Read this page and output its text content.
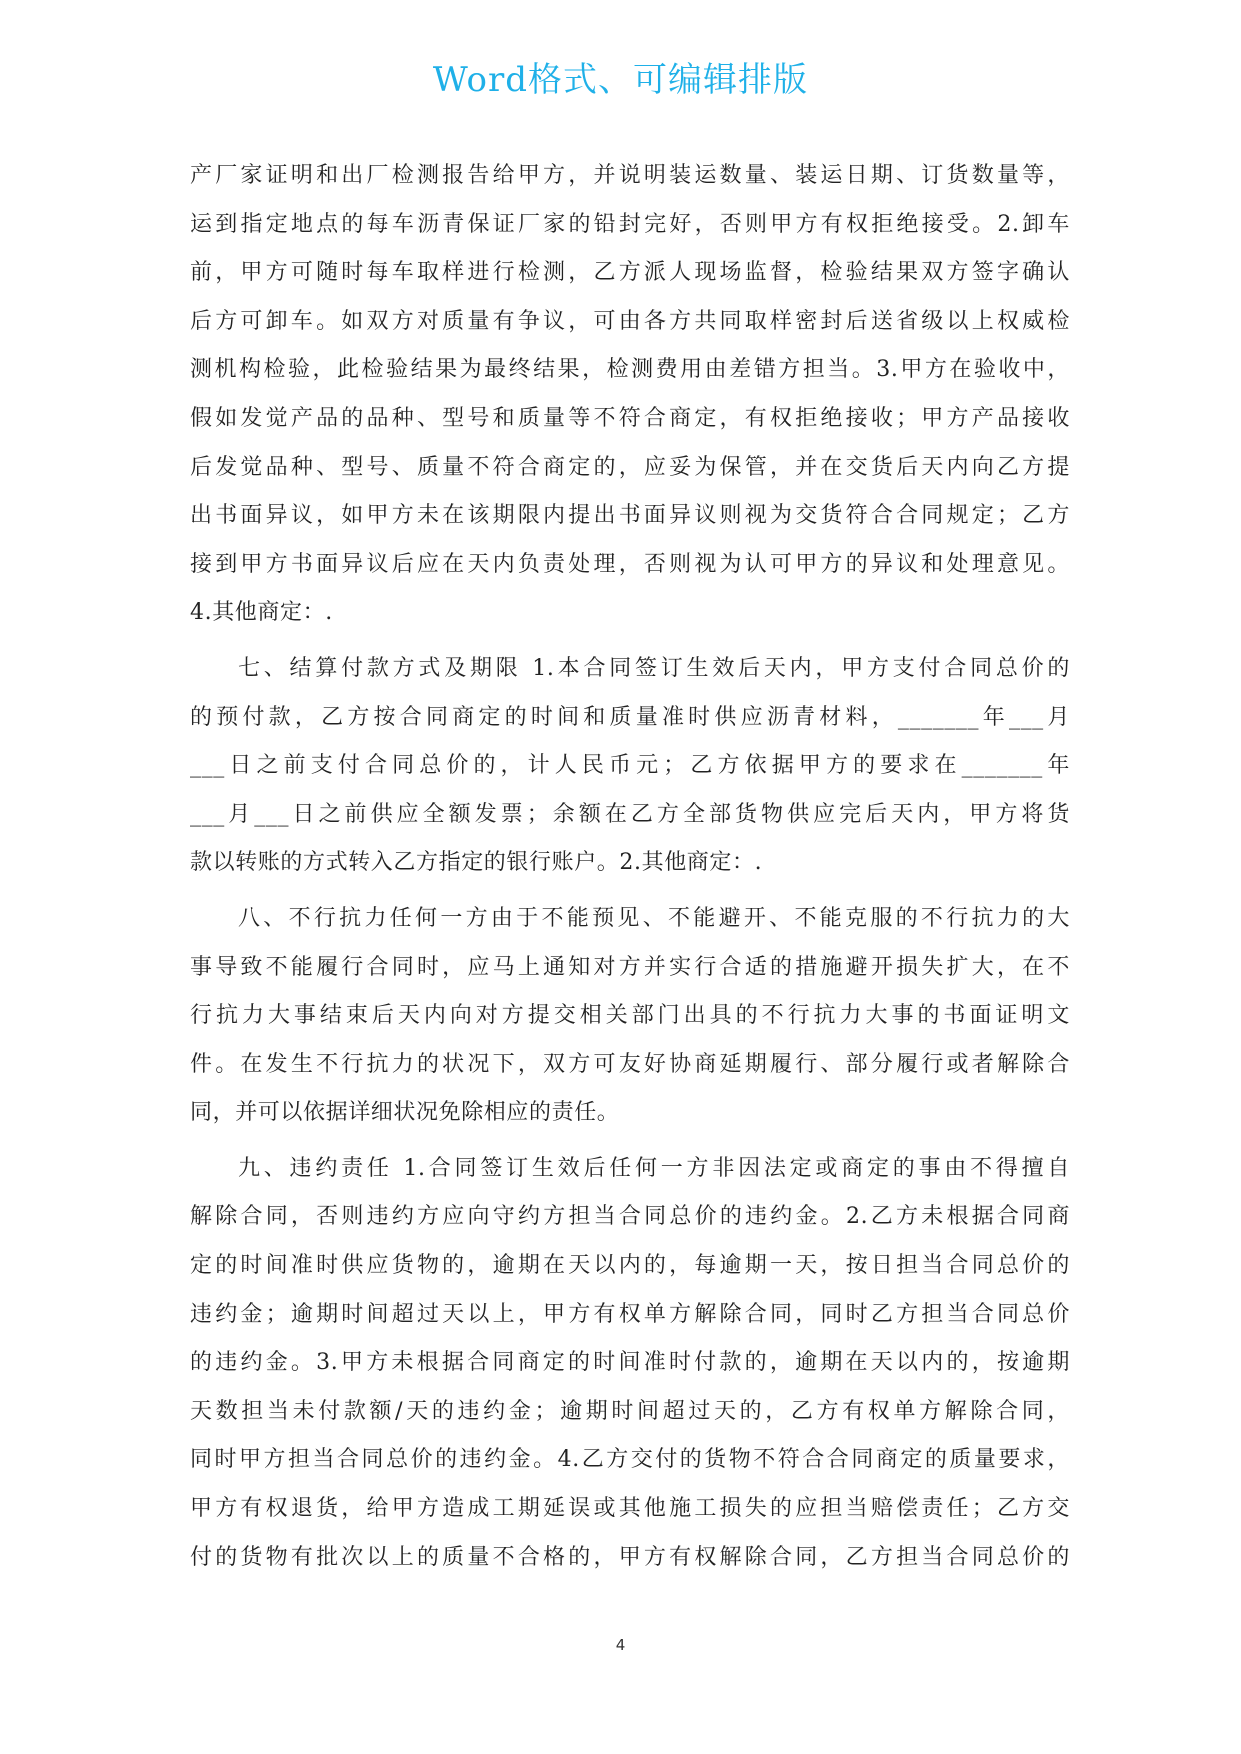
Word格式、可编辑排版
产厂家证明和出厂检测报告给甲方，并说明装运数量、装运日期、订货数量等，
运到指定地点的每车沥青保证厂家的铅封完好，否则甲方有权拒绝接受。2.卸车
前，甲方可随时每车取样进行检测，乙方派人现场监督，检验结果双方签字确认
后方可卸车。如双方对质量有争议，可由各方共同取样密封后送省级以上权威检
测机构检验，此检验结果为最终结果，检测费用由差错方担当。3.甲方在验收中，
假如发觉产品的品种、型号和质量等不符合商定，有权拒绝接收；甲方产品接收
后发觉品种、型号、质量不符合商定的，应妥为保管，并在交货后天内向乙方提
出书面异议，如甲方未在该期限内提出书面异议则视为交货符合合同规定；乙方
接到甲方书面异议后应在天内负责处理，否则视为认可甲方的异议和处理意见。
4.其他商定：.
七、结算付款方式及期限 1.本合同签订生效后天内，甲方支付合同总价的
的预付款，乙方按合同商定的时间和质量准时供应沥青材料，_______年___月
___日之前支付合同总价的，计人民币元；乙方依据甲方的要求在_______年
___月___日之前供应全额发票；余额在乙方全部货物供应完后天内，甲方将货
款以转账的方式转入乙方指定的银行账户。2.其他商定：.
八、不行抗力任何一方由于不能预见、不能避开、不能克服的不行抗力的大
事导致不能履行合同时，应马上通知对方并实行合适的措施避开损失扩大，在不
行抗力大事结束后天内向对方提交相关部门出具的不行抗力大事的书面证明文
件。在发生不行抗力的状况下，双方可友好协商延期履行、部分履行或者解除合
同，并可以依据详细状况免除相应的责任。
九、违约责任 1.合同签订生效后任何一方非因法定或商定的事由不得擅自
解除合同，否则违约方应向守约方担当合同总价的违约金。2.乙方未根据合同商
定的时间准时供应货物的，逾期在天以内的，每逾期一天，按日担当合同总价的
违约金；逾期时间超过天以上，甲方有权单方解除合同，同时乙方担当合同总价
的违约金。3.甲方未根据合同商定的时间准时付款的，逾期在天以内的，按逾期
天数担当未付款额/天的违约金；逾期时间超过天的，乙方有权单方解除合同，
同时甲方担当合同总价的违约金。4.乙方交付的货物不符合合同商定的质量要求，
甲方有权退货，给甲方造成工期延误或其他施工损失的应担当赔偿责任；乙方交
付的货物有批次以上的质量不合格的，甲方有权解除合同，乙方担当合同总价的
4
